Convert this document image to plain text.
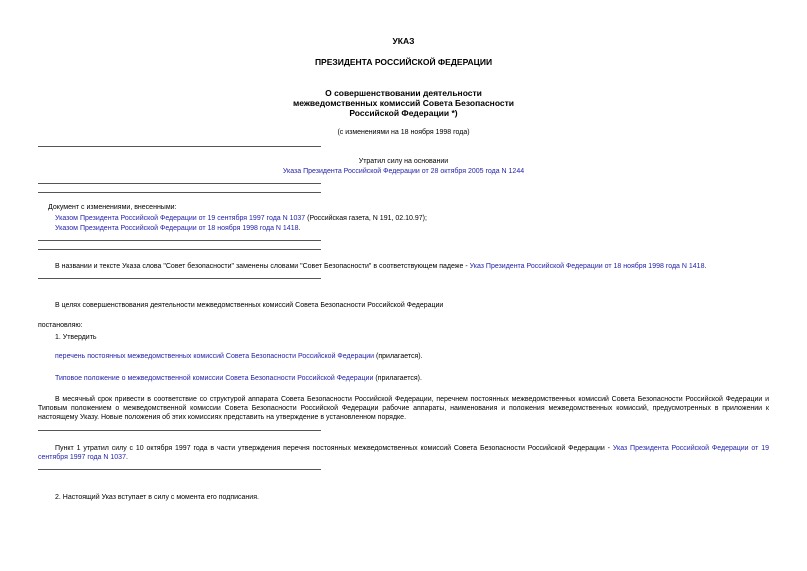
УКАЗ
ПРЕЗИДЕНТА РОССИЙСКОЙ ФЕДЕРАЦИИ
О совершенствовании деятельности
межведомственных комиссий Совета Безопасности
Российской Федерации *)
(с изменениями на 18 ноября 1998 года)
Утратил силу на основании
Указа Президента Российской Федерации от 28 октября 2005 года N 1244
Документ с изменениями, внесенными:
Указом Президента Российской Федерации от 19 сентября 1997 года N 1037 (Российская газета, N 191, 02.10.97);
Указом Президента Российской Федерации от 18 ноября 1998 года N 1418.
В названии и тексте Указа слова "Совет безопасности" заменены словами "Совет Безопасности" в соответствующем падеже - Указ Президента Российской Федерации от 18 ноября 1998 года N 1418.
В целях совершенствования деятельности межведомственных комиссий Совета Безопасности Российской Федерации
постановляю:
1. Утвердить
перечень постоянных межведомственных комиссий Совета Безопасности Российской Федерации (прилагается).
Типовое положение о межведомственной комиссии Совета Безопасности Российской Федерации (прилагается).
В месячный срок привести в соответствие со структурой аппарата Совета Безопасности Российской Федерации, перечнем постоянных межведомственных комиссий Совета Безопасности Российской Федерации и Типовым положением о межведомственной комиссии Совета Безопасности Российской Федерации рабочие аппараты, наименования и положения межведомственных комиссий, предусмотренных в приложении к настоящему Указу. Новые положения об этих комиссиях представить на утверждение в установленном порядке.
Пункт 1 утратил силу с 10 октября 1997 года в части утверждения перечня постоянных межведомственных комиссий Совета Безопасности Российской Федерации - Указ Президента Российской Федерации от 19 сентября 1997 года N 1037.
2. Настоящий Указ вступает в силу с момента его подписания.
